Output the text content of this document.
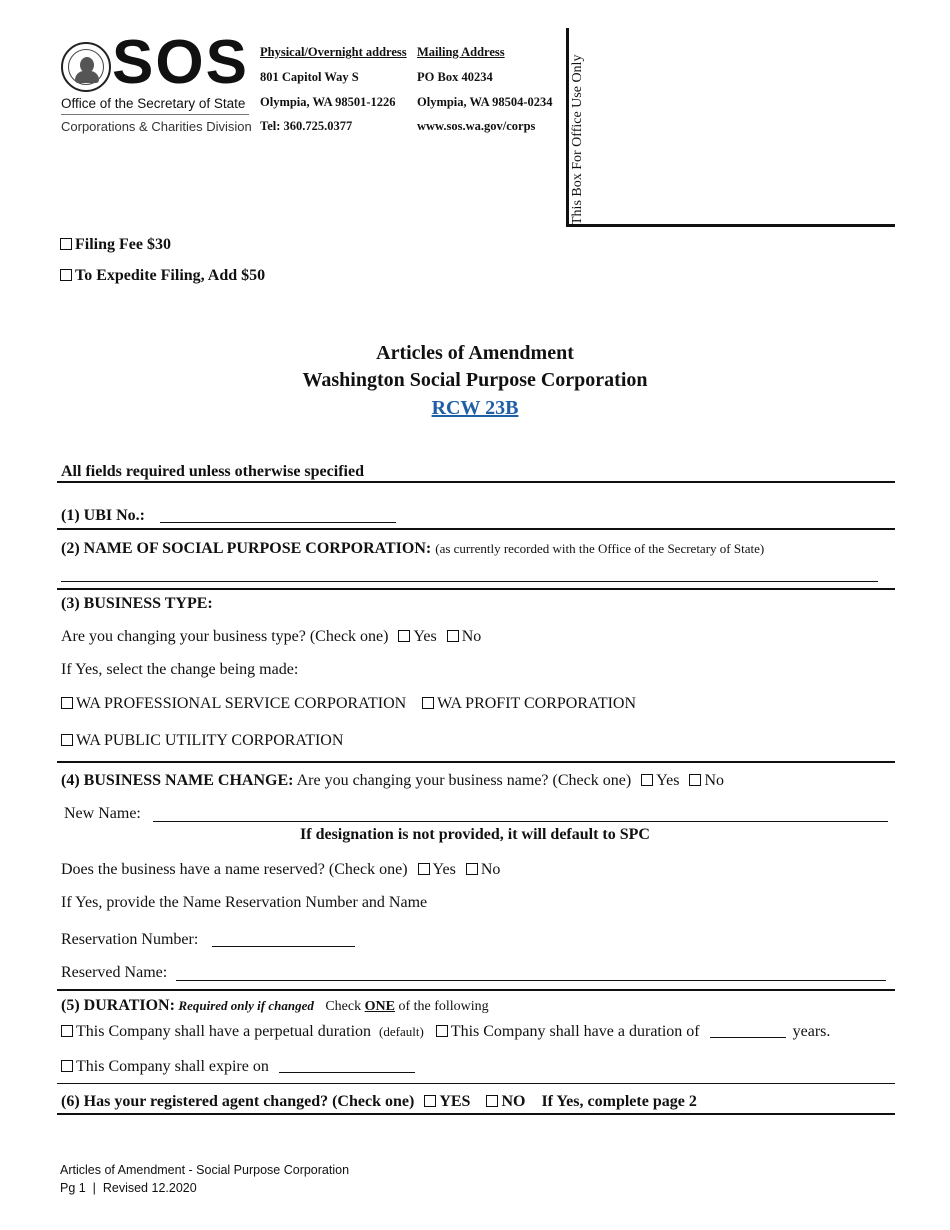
SOS
Office of the Secretary of State
Corporations & Charities Division
Physical/Overnight address
801 Capitol Way S
Olympia, WA 98501-1226
Tel: 360.725.0377
Mailing Address
PO Box 40234
Olympia, WA 98504-0234
www.sos.wa.gov/corps This Box For Office Use Only
Filing Fee $30
To Expedite Filing, Add $50
Articles of Amendment
Washington Social Purpose Corporation
RCW 23B
All fields required unless otherwise specified
(1) UBI No.:
(2) NAME OF SOCIAL PURPOSE CORPORATION: (as currently recorded with the Office of the Secretary of State)
(3) BUSINESS TYPE:
Are you changing your business type? (Check one) Yes No
If Yes, select the change being made:
WA PROFESSIONAL SERVICE CORPORATION WA PROFIT CORPORATION
WA PUBLIC UTILITY CORPORATION
(4) BUSINESS NAME CHANGE: Are you changing your business name? (Check one) Yes No
New Name:
If designation is not provided, it will default to SPC
Does the business have a name reserved? (Check one) Yes No
If Yes, provide the Name Reservation Number and Name
Reservation Number:
Reserved Name:
(5) DURATION: Required only if changed Check ONE of the following
This Company shall have a perpetual duration (default) This Company shall have a duration of	years.
This Company shall expire on
(6) Has your registered agent changed? (Check one) YES NO If Yes, complete page 2
Articles of Amendment - Social Purpose Corporation
Pg 1  |  Revised 12.2020
